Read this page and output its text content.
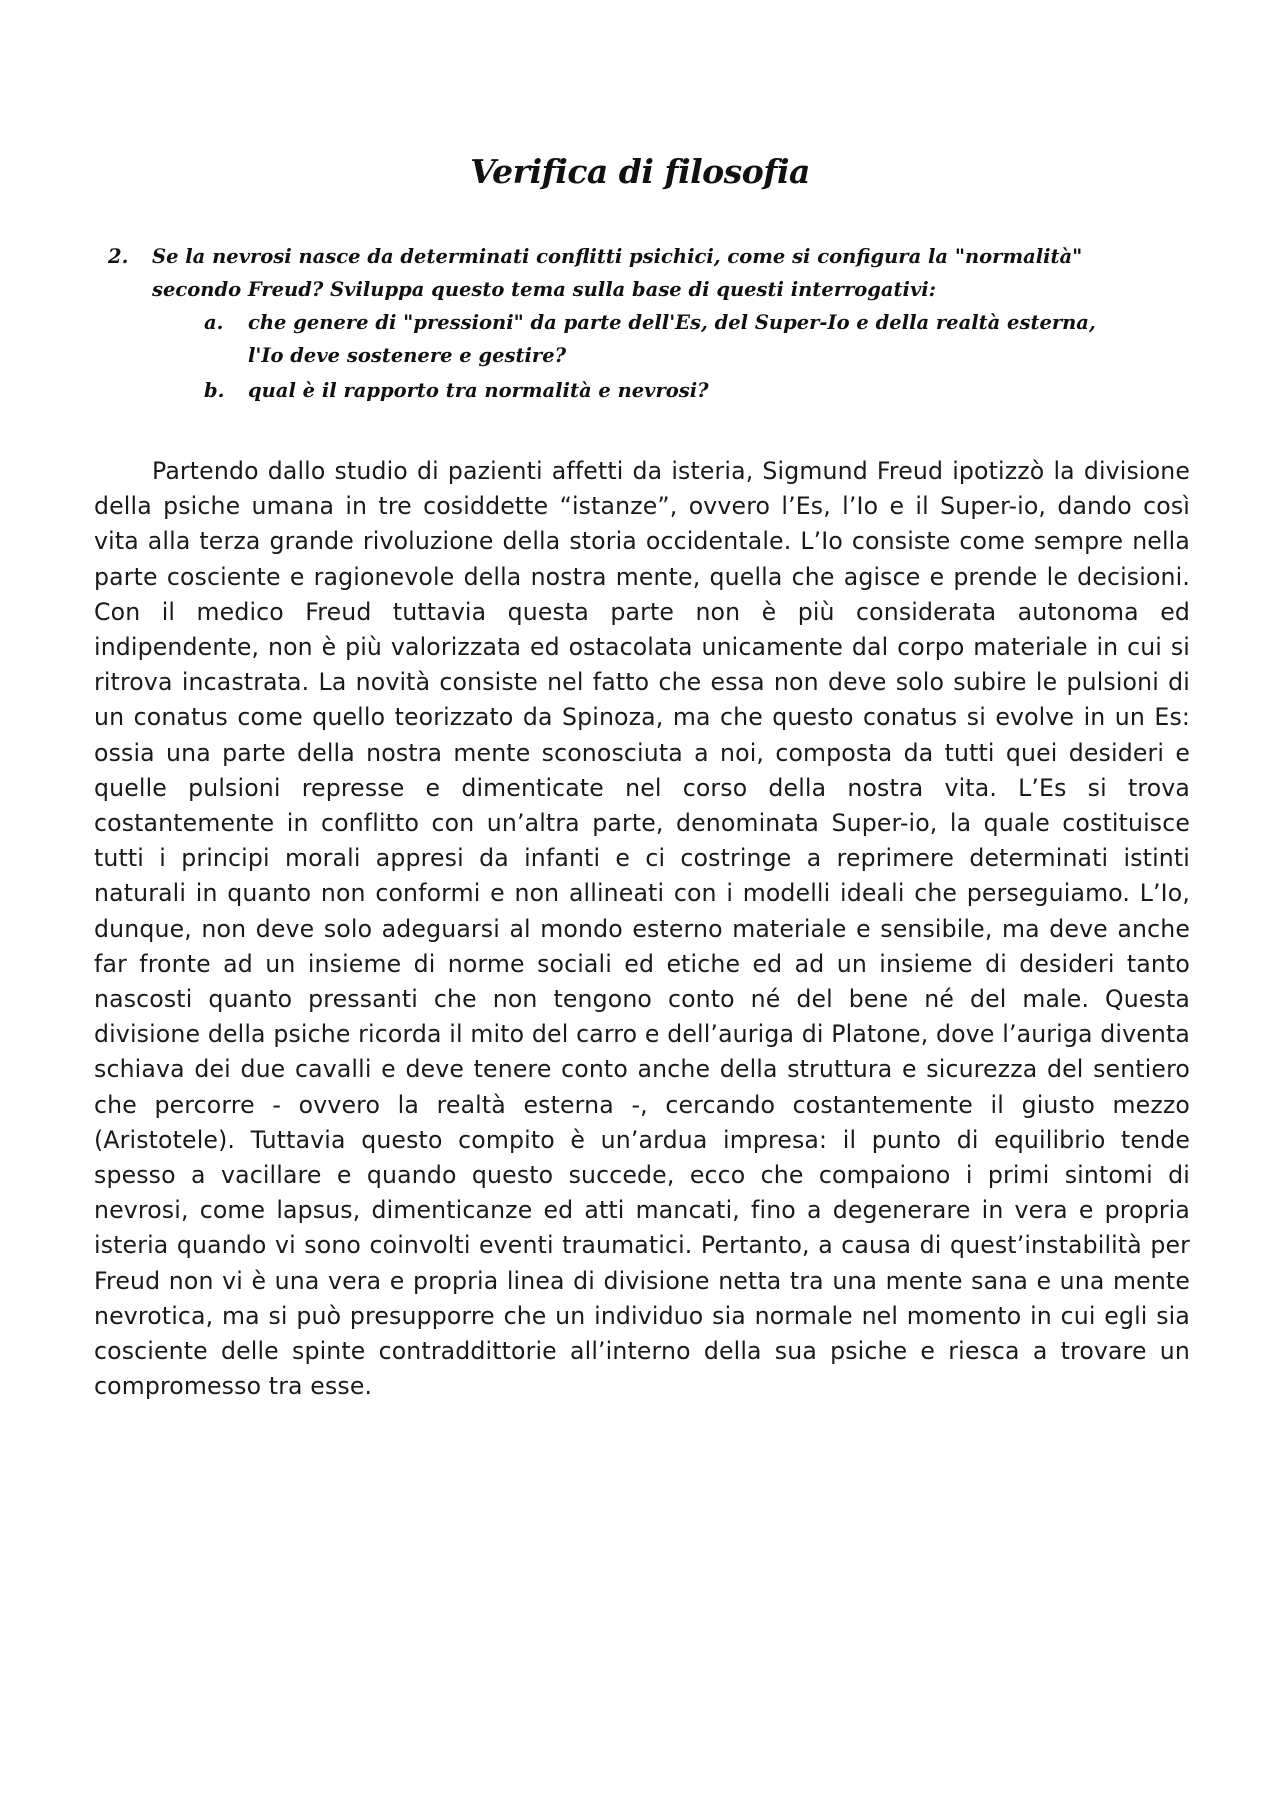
Verifica di filosofia

2. Se la nevrosi nasce da determinati conflitti psichici, come si configura la "normalità" secondo Freud? Sviluppa questo tema sulla base di questi interrogativi:

a. che genere di "pressioni" da parte dell'Es, del Super-Io e della realtà esterna, l'Io deve sostenere e gestire?

b. qual è il rapporto tra normalità e nevrosi?

Partendo dallo studio di pazienti affetti da isteria, Sigmund Freud ipotizzò la divisione della psiche umana in tre cosiddette “istanze”, ovvero l’Es, l’Io e il Super-io, dando così vita alla terza grande rivoluzione della storia occidentale. L’Io consiste come sempre nella parte cosciente e ragionevole della nostra mente, quella che agisce e prende le decisioni. Con il medico Freud tuttavia questa parte non è più considerata autonoma ed indipendente, non è più valorizzata ed ostacolata unicamente dal corpo materiale in cui si ritrova incastrata. La novità consiste nel fatto che essa non deve solo subire le pulsioni di un conatus come quello teorizzato da Spinoza, ma che questo conatus si evolve in un Es: ossia una parte della nostra mente sconosciuta a noi, composta da tutti quei desideri e quelle pulsioni represse e dimenticate nel corso della nostra vita. L’Es si trova costantemente in conflitto con un’altra parte, denominata Super-io, la quale costituisce tutti i principi morali appresi da infanti e ci costringe a reprimere determinati istinti naturali in quanto non conformi e non allineati con i modelli ideali che perseguiamo. L’Io, dunque, non deve solo adeguarsi al mondo esterno materiale e sensibile, ma deve anche far fronte ad un insieme di norme sociali ed etiche ed ad un insieme di desideri tanto nascosti quanto pressanti che non tengono conto né del bene né del male. Questa divisione della psiche ricorda il mito del carro e dell’auriga di Platone, dove l’auriga diventa schiava dei due cavalli e deve tenere conto anche della struttura e sicurezza del sentiero che percorre - ovvero la realtà esterna -, cercando costantemente il giusto mezzo (Aristotele). Tuttavia questo compito è un’ardua impresa: il punto di equilibrio tende spesso a vacillare e quando questo succede, ecco che compaiono i primi sintomi di nevrosi, come lapsus, dimenticanze ed atti mancati, fino a degenerare in vera e propria isteria quando vi sono coinvolti eventi traumatici. Pertanto, a causa di quest’instabilità per Freud non vi è una vera e propria linea di divisione netta tra una mente sana e una mente nevrotica, ma si può presupporre che un individuo sia normale nel momento in cui egli sia cosciente delle spinte contraddittorie all’interno della sua psiche e riesca a trovare un compromesso tra esse.
